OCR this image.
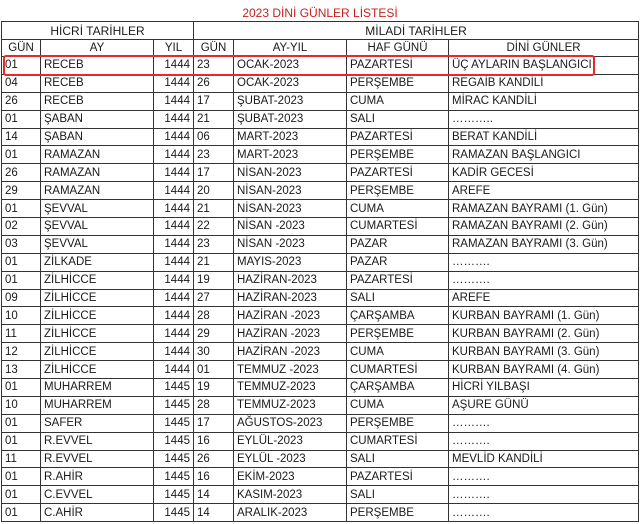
2023 DİNİ GÜNLER LİSTESİ						
HİCRİ TARİHLER			MİLADİ TARİHLER			
GÜN	AY	YIL	GÜN	AY-YIL	HAF GÜNÜ	DİNİ GÜNLER
01	RECEB	1444	23	OCAK-2023	PAZARTESİ	ÜÇ AYLARIN BAŞLANGICI
04	RECEB	1444	26	OCAK-2023	PERŞEMBE	REGAİB KANDİLİ
26	RECEB	1444	17	ŞUBAT-2023	CUMA	MİRAC KANDİLİ
01	ŞABAN	1444	21	ŞUBAT-2023	SALI	………..
14	ŞABAN	1444	06	MART-2023	PAZARTESİ	BERAT KANDİLİ
01	RAMAZAN	1444	23	MART-2023	PERŞEMBE	RAMAZAN BAŞLANGICI
26	RAMAZAN	1444	17	NİSAN-2023	PAZARTESİ	KADİR GECESİ
29	RAMAZAN	1444	20	NİSAN-2023	PERŞEMBE	AREFE
01	ŞEVVAL	1444	21	NİSAN-2023	CUMA	RAMAZAN BAYRAMI (1. Gün)
02	ŞEVVAL	1444	22	NİSAN -2023	CUMARTESİ	RAMAZAN BAYRAMI (2. Gün)
03	ŞEVVAL	1444	23	NİSAN -2023	PAZAR	RAMAZAN BAYRAMI (3. Gün)
01	ZİLKADE	1444	21	MAYIS-2023	PAZAR	……….
01	ZİLHİCCE	1444	19	HAZİRAN-2023	PAZARTESİ	……….
09	ZİLHİCCE	1444	27	HAZİRAN-2023	SALI	AREFE
10	ZİLHİCCE	1444	28	HAZİRAN -2023	ÇARŞAMBA	KURBAN BAYRAMI (1. Gün)
11	ZİLHİCCE	1444	29	HAZİRAN -2023	PERŞEMBE	KURBAN BAYRAMI (2. Gün)
12	ZİLHİCCE	1444	30	HAZİRAN -2023	CUMA	KURBAN BAYRAMI (3. Gün)
13	ZİLHİCCE	1444	01	TEMMUZ -2023	CUMARTESİ	KURBAN BAYRAMI (4. Gün)
01	MUHARREM	1445	19	TEMMUZ-2023	ÇARŞAMBA	HİCRİ YILBAŞI
10	MUHARREM	1445	28	TEMMUZ-2023	CUMA	AŞURE GÜNÜ
01	SAFER	1445	17	AĞUSTOS-2023	PERŞEMBE	……….
01	R.EVVEL	1445	16	EYLÜL-2023	CUMARTESİ	……….
11	R.EVVEL	1445	26	EYLÜL -2023	SALI	MEVLİD KANDİLİ
01	R.AHİR	1445	16	EKİM-2023	PAZARTESİ	……….
01	C.EVVEL	1445	14	KASIM-2023	SALI	……….
01	C.AHİR	1445	14	ARALIK-2023	PERŞEMBE	……….
